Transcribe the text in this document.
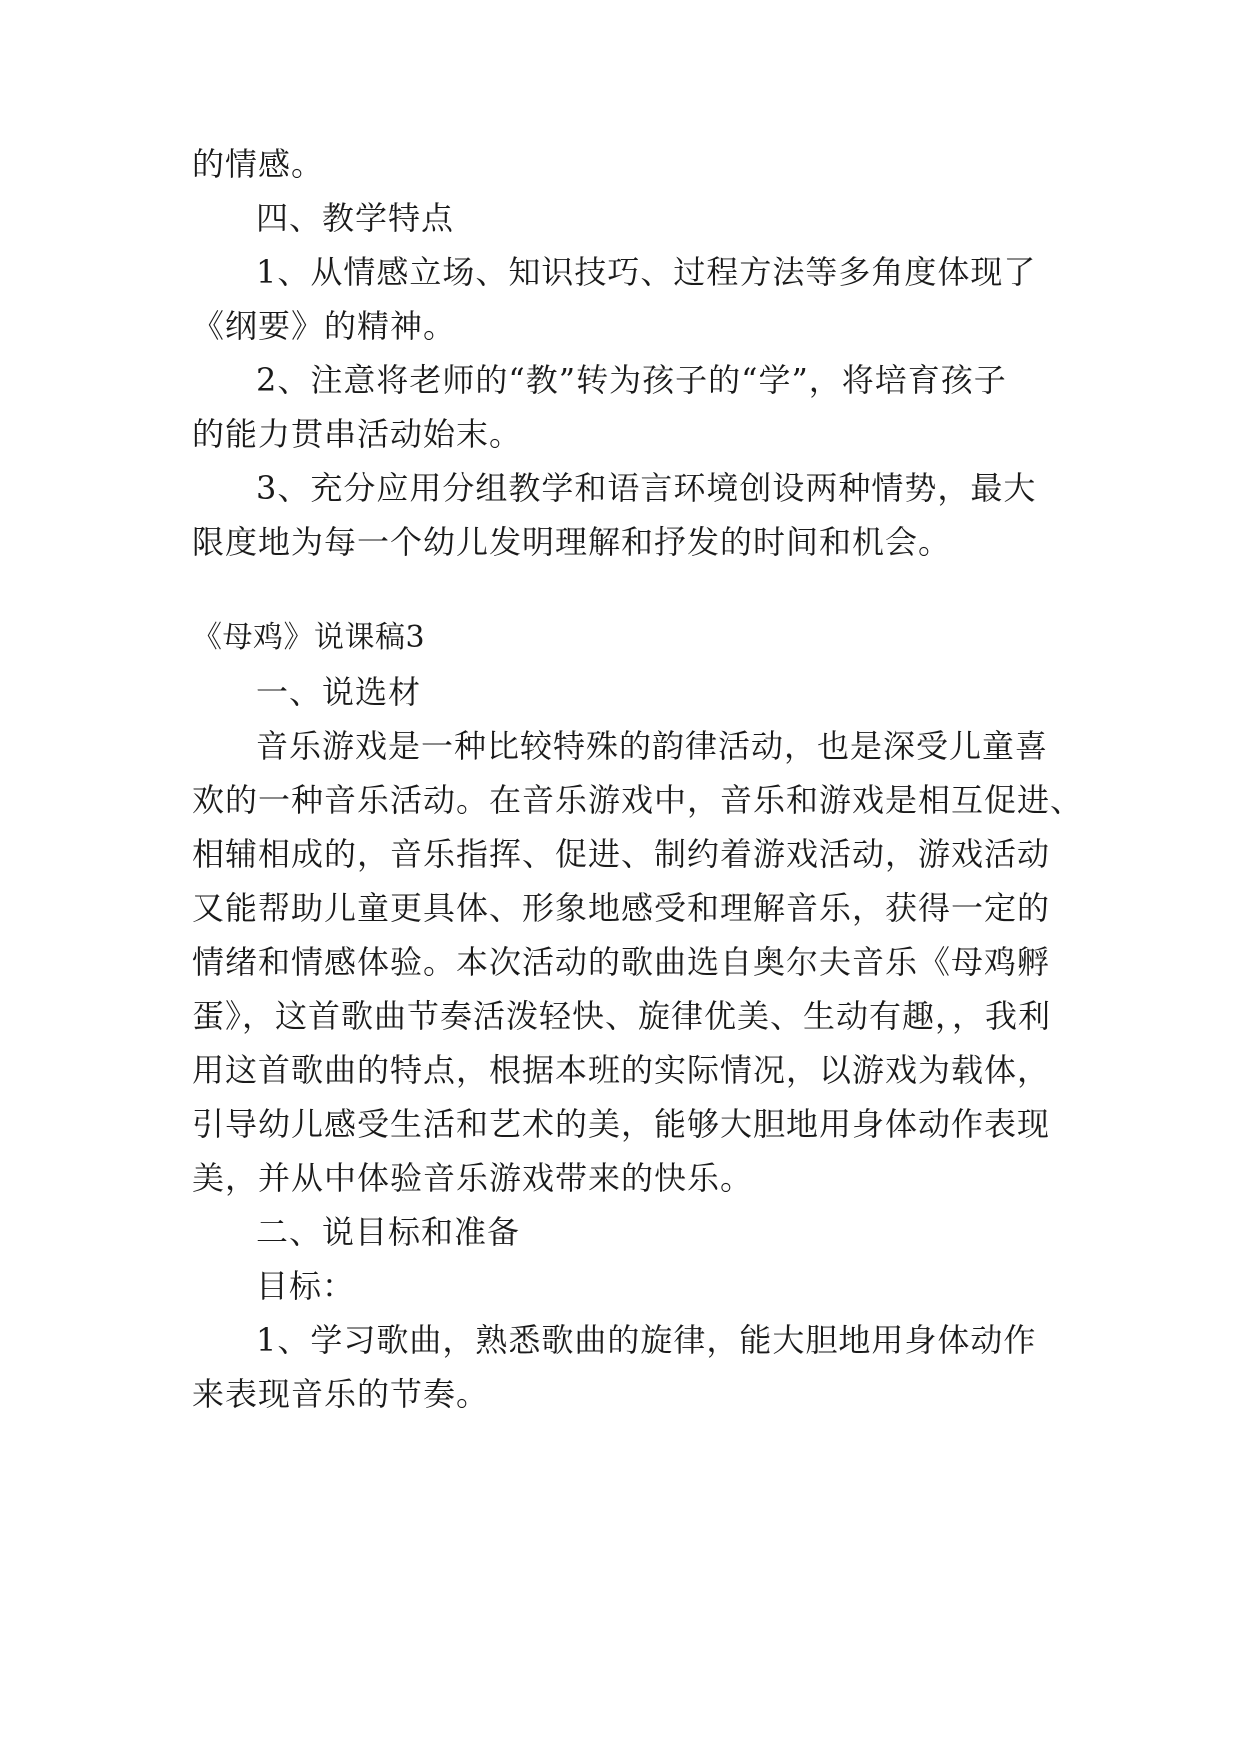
的情感。
四、教学特点
1、从情感立场、知识技巧、过程方法等多角度体现了
《纲要》的精神。
2、注意将老师的“教”转为孩子的“学”，将培育孩子
的能力贯串活动始末。
3、充分应用分组教学和语言环境创设两种情势，最大
限度地为每一个幼儿发明理解和抒发的时间和机会。
《母鸡》说课稿3
一、说选材
音乐游戏是一种比较特殊的韵律活动，也是深受儿童喜
欢的一种音乐活动。在音乐游戏中，音乐和游戏是相互促进、
相辅相成的，音乐指挥、促进、制约着游戏活动，游戏活动
又能帮助儿童更具体、形象地感受和理解音乐，获得一定的
情绪和情感体验。本次活动的歌曲选自奥尔夫音乐《母鸡孵
蛋》，这首歌曲节奏活泼轻快、旋律优美、生动有趣，，我利
用这首歌曲的特点，根据本班的实际情况，以游戏为载体，
引导幼儿感受生活和艺术的美，能够大胆地用身体动作表现
美，并从中体验音乐游戏带来的快乐。
二、说目标和准备
目标：
1、学习歌曲，熟悉歌曲的旋律，能大胆地用身体动作
来表现音乐的节奏。
